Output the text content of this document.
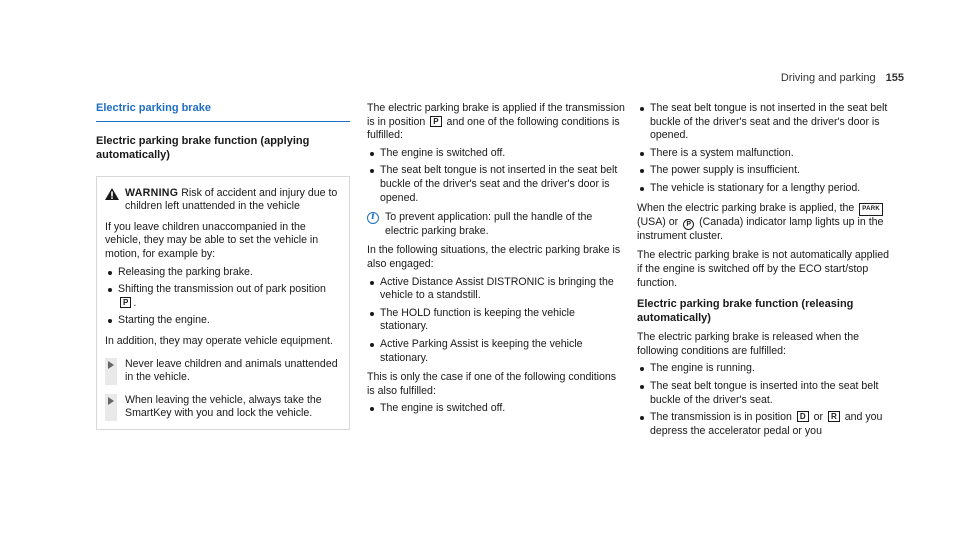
Driving and parking 155
Electric parking brake
Electric parking brake function (applying automatically)
WARNING Risk of accident and injury due to children left unattended in the vehicle

If you leave children unaccompanied in the vehicle, they may be able to set the vehicle in motion, for example by:

Releasing the parking brake.
Shifting the transmission out of park position P .
Starting the engine.

In addition, they may operate vehicle equipment.

Never leave children and animals unattended in the vehicle.
When leaving the vehicle, always take the SmartKey with you and lock the vehicle.
The electric parking brake is applied if the transmission is in position P and one of the following conditions is fulfilled:
The engine is switched off.
The seat belt tongue is not inserted in the seat belt buckle of the driver's seat and the driver's door is opened.
i To prevent application: pull the handle of the electric parking brake.
In the following situations, the electric parking brake is also engaged:
Active Distance Assist DISTRONIC is bringing the vehicle to a standstill.
The HOLD function is keeping the vehicle stationary.
Active Parking Assist is keeping the vehicle stationary.
This is only the case if one of the following conditions is also fulfilled:
The engine is switched off.
The seat belt tongue is not inserted in the seat belt buckle of the driver's seat and the driver's door is opened.
There is a system malfunction.
The power supply is insufficient.
The vehicle is stationary for a lengthy period.
When the electric parking brake is applied, the PARK (USA) or P (Canada) indicator lamp lights up in the instrument cluster.
The electric parking brake is not automatically applied if the engine is switched off by the ECO start/stop function.
Electric parking brake function (releasing automatically)
The electric parking brake is released when the following conditions are fulfilled:
The engine is running.
The seat belt tongue is inserted into the seat belt buckle of the driver's seat.
The transmission is in position D or R and you depress the accelerator pedal or you
